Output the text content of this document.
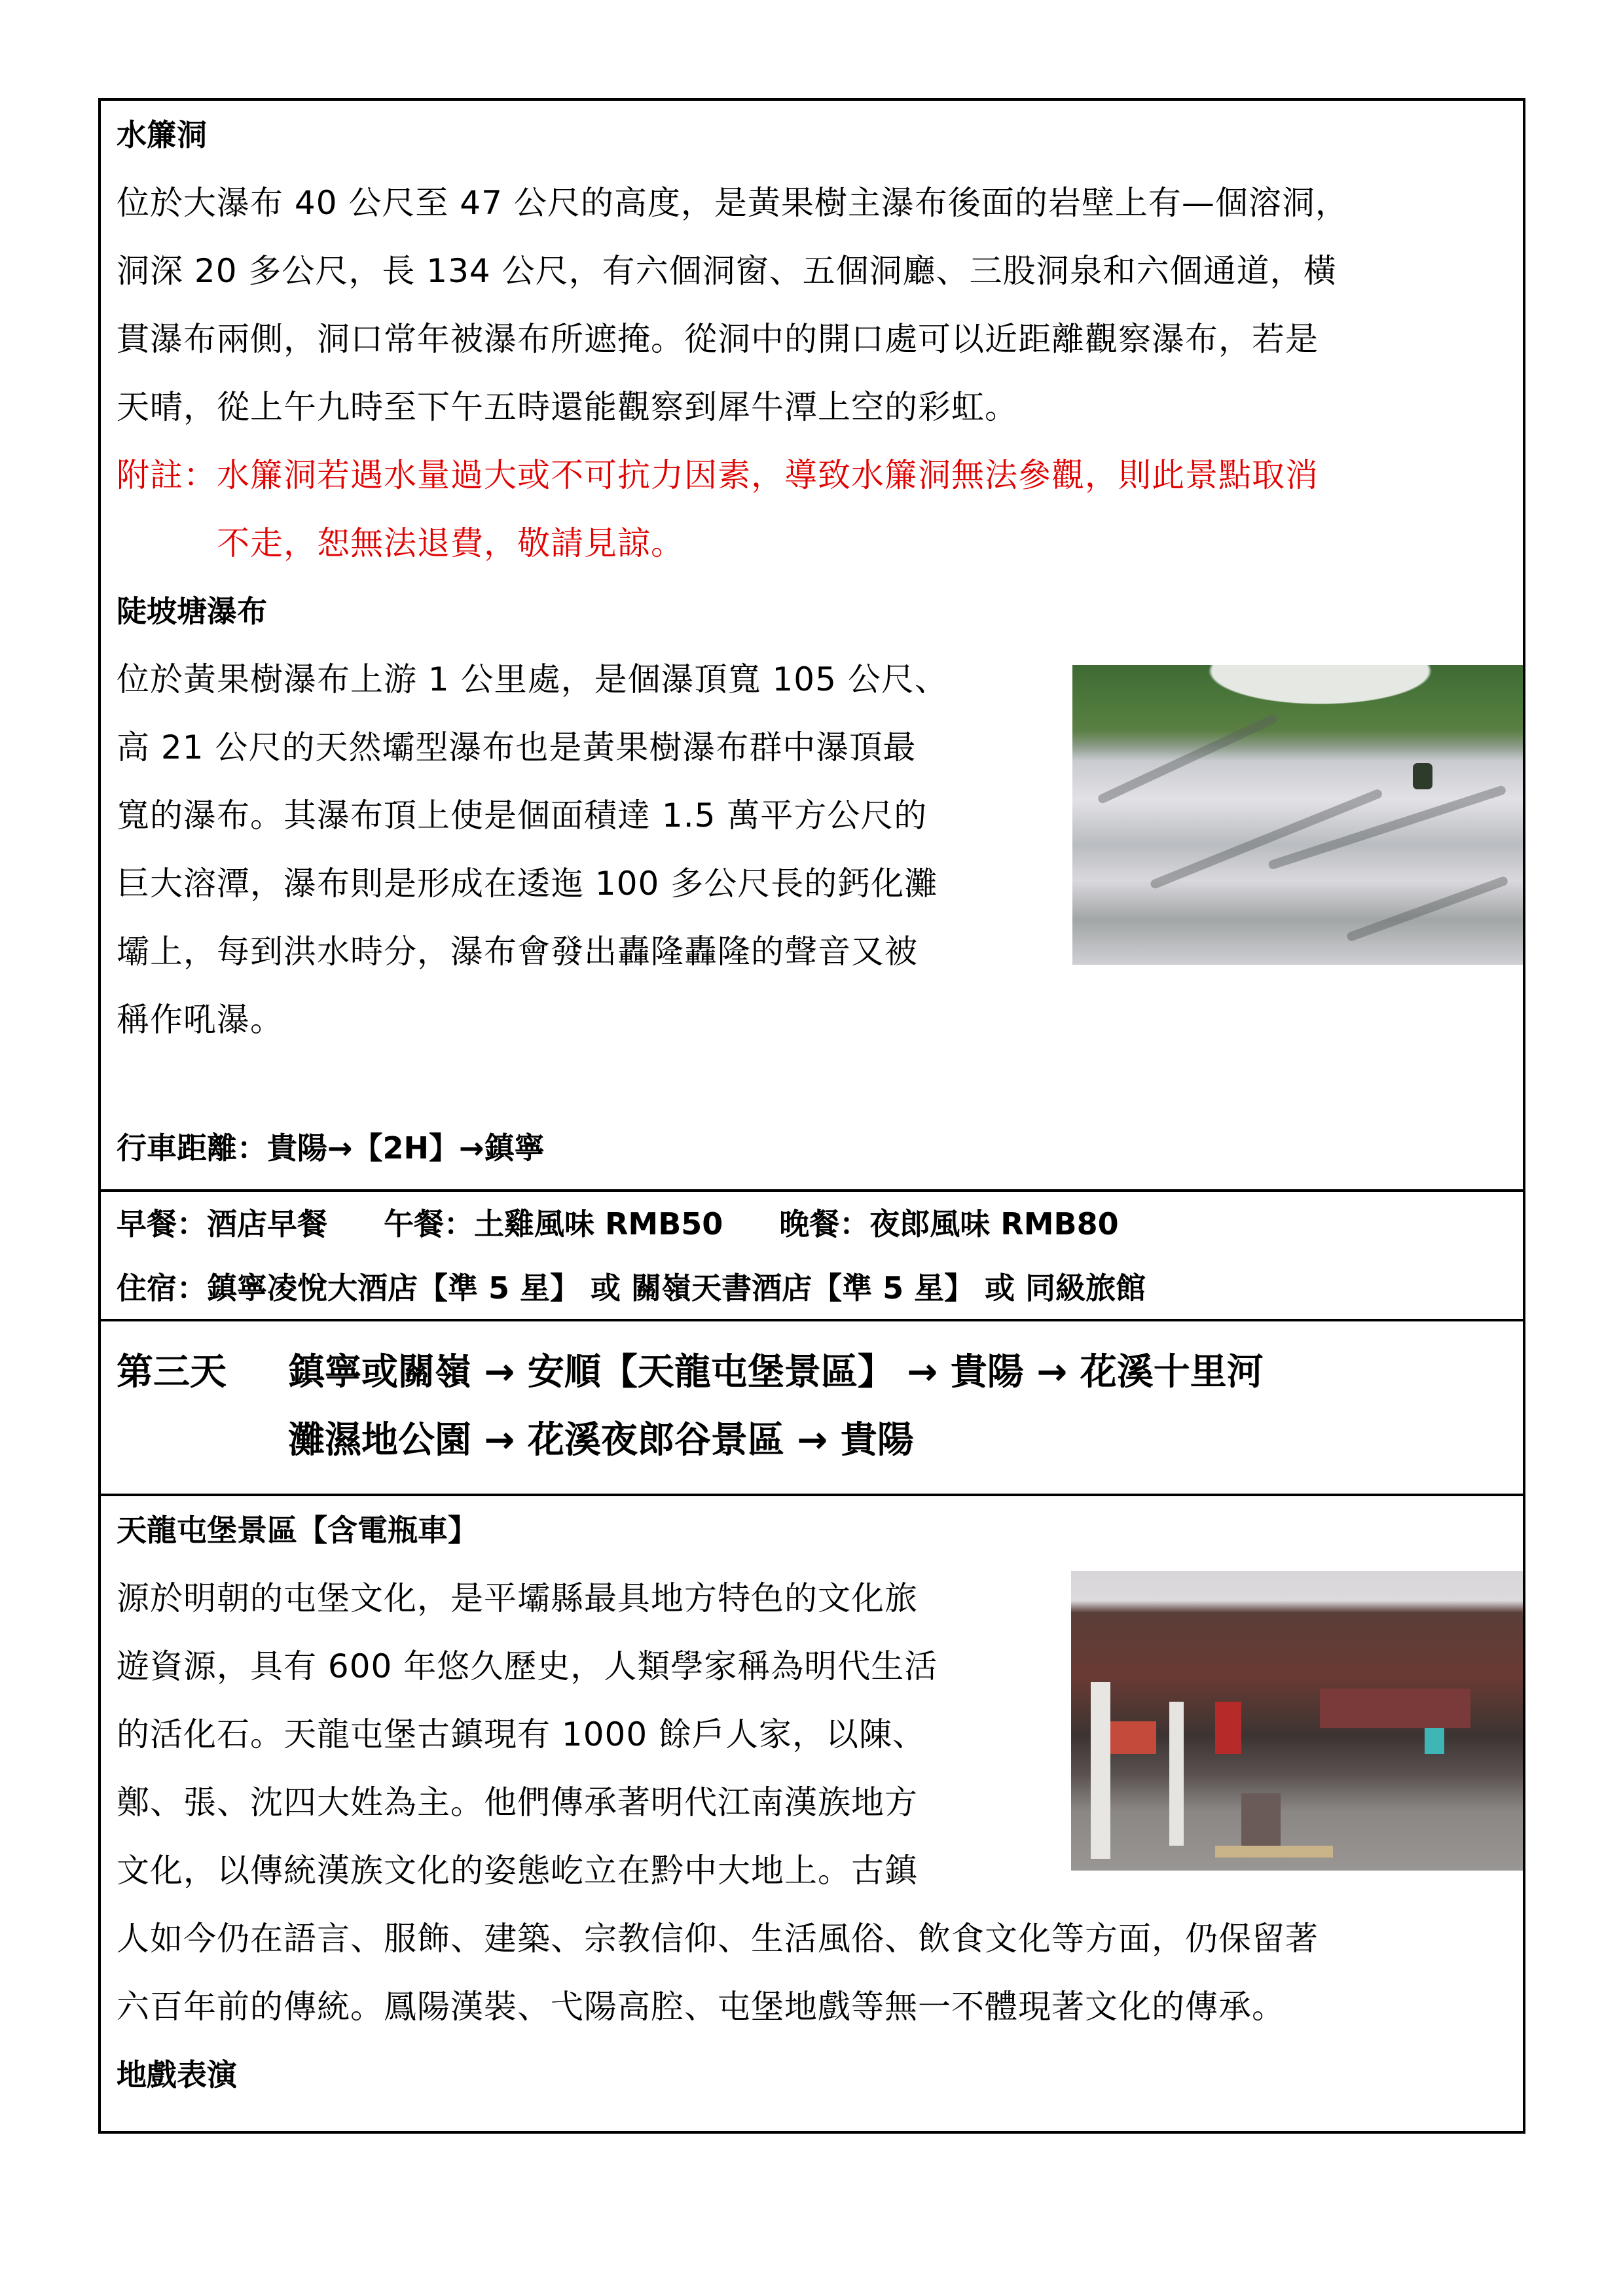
水簾洞

位於大瀑布 40 公尺至 47 公尺的高度，是黃果樹主瀑布後面的岩壁上有—個溶洞，

洞深 20 多公尺，長 134 公尺，有六個洞窗、五個洞廳、三股洞泉和六個通道，橫

貫瀑布兩側，洞口常年被瀑布所遮掩。從洞中的開口處可以近距離觀察瀑布，若是

天晴，從上午九時至下午五時還能觀察到犀牛潭上空的彩虹。

附註： 水簾洞若遇水量過大或不可抗力因素，導致水簾洞無法參觀，則此景點取消

不走，恕無法退費，敬請見諒。

陡坡塘瀑布

位於黃果樹瀑布上游 1 公里處，是個瀑頂寬 105 公尺、

高 21 公尺的天然壩型瀑布也是黃果樹瀑布群中瀑頂最

寬的瀑布。其瀑布頂上使是個面積達 1.5 萬平方公尺的

巨大溶潭，瀑布則是形成在逶迤 100 多公尺長的鈣化灘

壩上，每到洪水時分，瀑布會發出轟隆轟隆的聲音又被

稱作吼瀑。

行車距離：貴陽→【2H】→鎮寧

早餐：酒店早餐 午餐：土雞風味 RMB50 晚餐：夜郎風味 RMB80

住宿：鎮寧凌悅大酒店【準 5 星】 或 關嶺天書酒店【準 5 星】 或 同級旅館

第三天	鎮寧或關嶺 → 安順【天龍屯堡景區】 → 貴陽 → 花溪十里河

灘濕地公園 → 花溪夜郎谷景區 → 貴陽

天龍屯堡景區【含電瓶車】

源於明朝的屯堡文化，是平壩縣最具地方特色的文化旅

遊資源，具有 600 年悠久歷史，人類學家稱為明代生活

的活化石。天龍屯堡古鎮現有 1000 餘戶人家，以陳、

鄭、張、沈四大姓為主。他們傳承著明代江南漢族地方

文化，以傳統漢族文化的姿態屹立在黔中大地上。古鎮

人如今仍在語言、服飾、建築、宗教信仰、生活風俗、飲食文化等方面，仍保留著

六百年前的傳統。鳳陽漢裝、弋陽高腔、屯堡地戲等無一不體現著文化的傳承。

地戲表演
